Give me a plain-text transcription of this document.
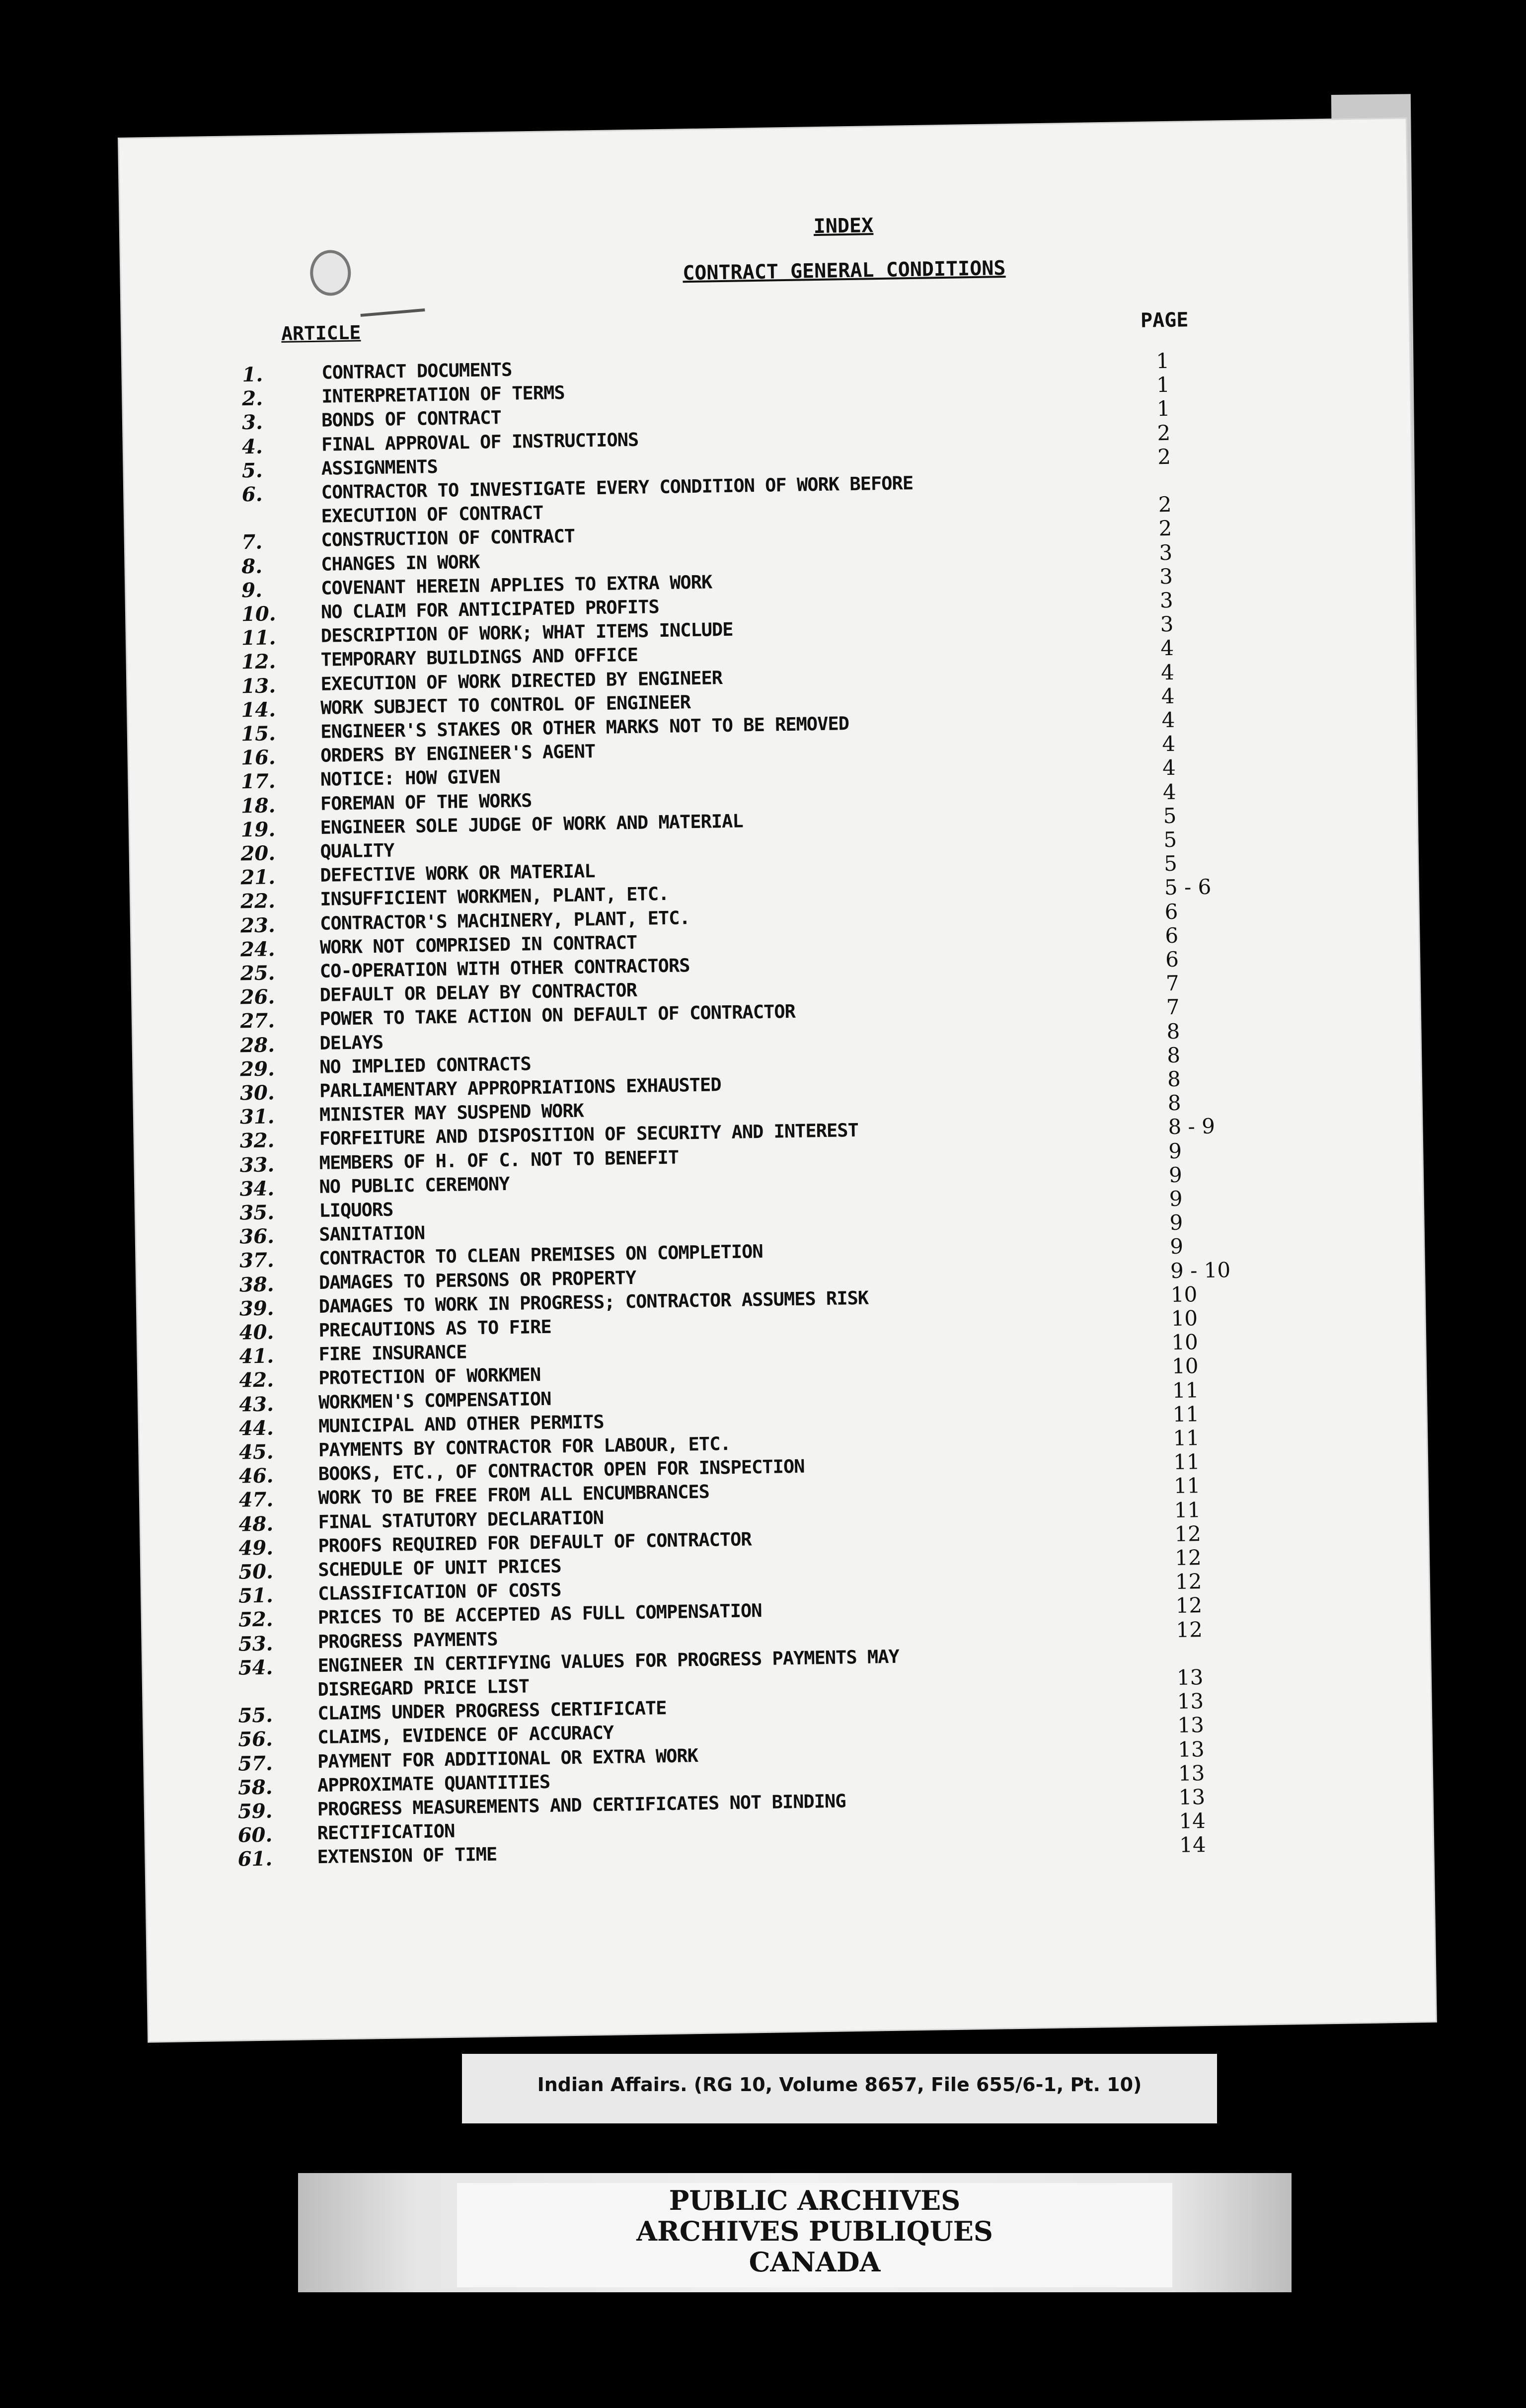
INDEX
CONTRACT GENERAL CONDITIONS
ARTICLE
PAGE
1.	CONTRACT DOCUMENTS	1
2.	INTERPRETATION OF TERMS	1
3.	BONDS OF CONTRACT	1
4.	FINAL APPROVAL OF INSTRUCTIONS	2
5.	ASSIGNMENTS	2
6.	CONTRACTOR TO INVESTIGATE EVERY CONDITION OF WORK BEFORE
EXECUTION OF CONTRACT	2
7.	CONSTRUCTION OF CONTRACT	2
8.	CHANGES IN WORK	3
9.	COVENANT HEREIN APPLIES TO EXTRA WORK	3
10.	NO CLAIM FOR ANTICIPATED PROFITS	3
11.	DESCRIPTION OF WORK; WHAT ITEMS INCLUDE	3
12.	TEMPORARY BUILDINGS AND OFFICE	4
13.	EXECUTION OF WORK DIRECTED BY ENGINEER	4
14.	WORK SUBJECT TO CONTROL OF ENGINEER	4
15.	ENGINEER'S STAKES OR OTHER MARKS NOT TO BE REMOVED	4
16.	ORDERS BY ENGINEER'S AGENT	4
17.	NOTICE: HOW GIVEN	4
18.	FOREMAN OF THE WORKS	4
19.	ENGINEER SOLE JUDGE OF WORK AND MATERIAL	5
20.	QUALITY	5
21.	DEFECTIVE WORK OR MATERIAL	5
22.	INSUFFICIENT WORKMEN, PLANT, ETC.	5 - 6
23.	CONTRACTOR'S MACHINERY, PLANT, ETC.	6
24.	WORK NOT COMPRISED IN CONTRACT	6
25.	CO-OPERATION WITH OTHER CONTRACTORS	6
26.	DEFAULT OR DELAY BY CONTRACTOR	7
27.	POWER TO TAKE ACTION ON DEFAULT OF CONTRACTOR	7
28.	DELAYS	8
29.	NO IMPLIED CONTRACTS	8
30.	PARLIAMENTARY APPROPRIATIONS EXHAUSTED	8
31.	MINISTER MAY SUSPEND WORK	8
32.	FORFEITURE AND DISPOSITION OF SECURITY AND INTEREST	8 - 9
33.	MEMBERS OF H. OF C. NOT TO BENEFIT	9
34.	NO PUBLIC CEREMONY	9
35.	LIQUORS	9
36.	SANITATION	9
37.	CONTRACTOR TO CLEAN PREMISES ON COMPLETION	9
38.	DAMAGES TO PERSONS OR PROPERTY	9 - 10
39.	DAMAGES TO WORK IN PROGRESS; CONTRACTOR ASSUMES RISK	10
40.	PRECAUTIONS AS TO FIRE	10
41.	FIRE INSURANCE	10
42.	PROTECTION OF WORKMEN	10
43.	WORKMEN'S COMPENSATION	11
44.	MUNICIPAL AND OTHER PERMITS	11
45.	PAYMENTS BY CONTRACTOR FOR LABOUR, ETC.	11
46.	BOOKS, ETC., OF CONTRACTOR OPEN FOR INSPECTION	11
47.	WORK TO BE FREE FROM ALL ENCUMBRANCES	11
48.	FINAL STATUTORY DECLARATION	11
49.	PROOFS REQUIRED FOR DEFAULT OF CONTRACTOR	12
50.	SCHEDULE OF UNIT PRICES	12
51.	CLASSIFICATION OF COSTS	12
52.	PRICES TO BE ACCEPTED AS FULL COMPENSATION	12
53.	PROGRESS PAYMENTS	12
54.	ENGINEER IN CERTIFYING VALUES FOR PROGRESS PAYMENTS MAY
DISREGARD PRICE LIST	13
55.	CLAIMS UNDER PROGRESS CERTIFICATE	13
56.	CLAIMS, EVIDENCE OF ACCURACY	13
57.	PAYMENT FOR ADDITIONAL OR EXTRA WORK	13
58.	APPROXIMATE QUANTITIES	13
59.	PROGRESS MEASUREMENTS AND CERTIFICATES NOT BINDING	13
60.	RECTIFICATION	14
61.	EXTENSION OF TIME	14
Indian Affairs. (RG 10, Volume 8657, File 655/6-1, Pt. 10)
PUBLIC ARCHIVES
ARCHIVES PUBLIQUES
CANADA
